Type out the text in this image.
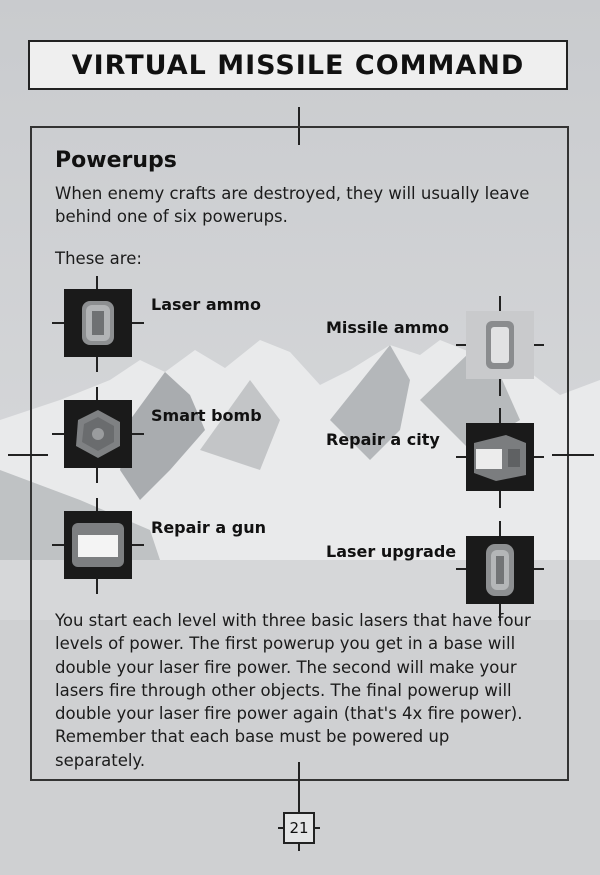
VIRTUAL MISSILE COMMAND
Powerups

When enemy crafts are destroyed, they will usually leave behind one of six powerups.

These are:

Laser ammo
Smart bomb
Repair a gun
Missile ammo
Repair a city
Laser upgrade

You start each level with three basic lasers that have four levels of power. The first powerup you get in a base will double your laser fire power. The second will make your lasers fire through other objects. The final powerup will double your laser fire power again (that's 4x fire power). Remember that each base must be powered up separately.

21
